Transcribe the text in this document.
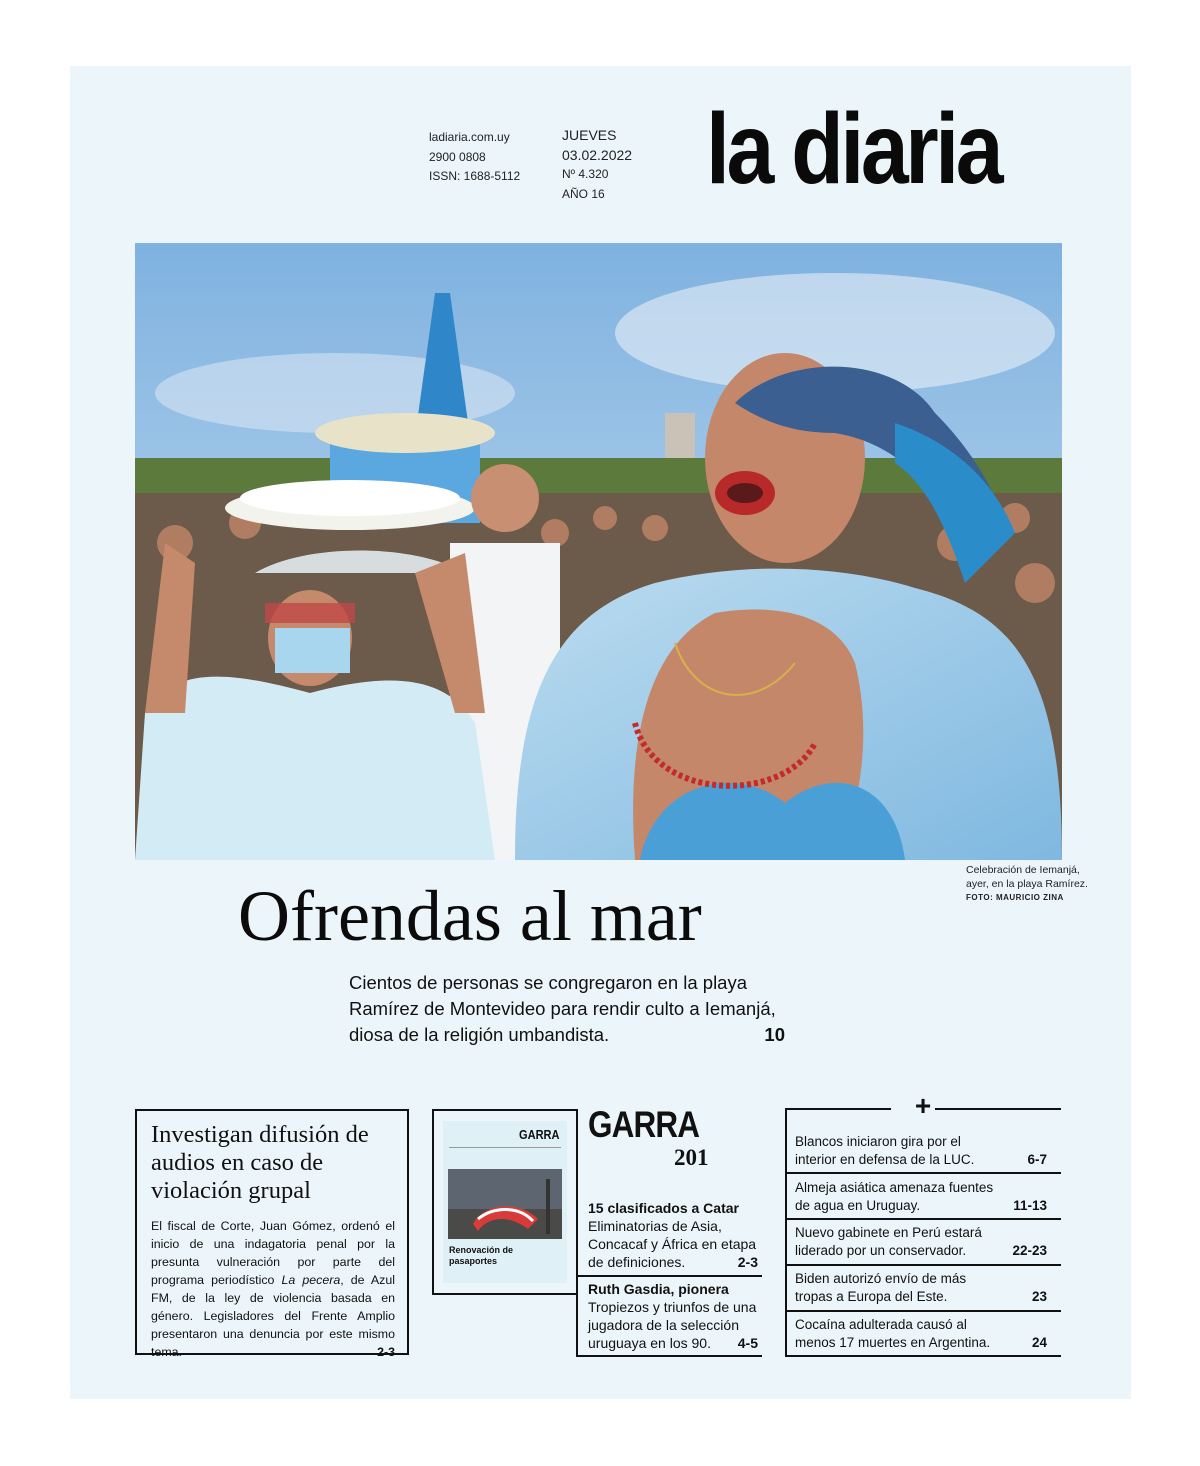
ladiaria.com.uy
2900 0808
ISSN: 1688-5112
JUEVES
03.02.2022
Nº 4.320
AÑO 16 la diaria
Celebración de Iemanjá, ayer, en la playa Ramírez.
FOTO: MAURICIO ZINA
Ofrendas al mar
Cientos de personas se congregaron en la playa Ramírez de Montevideo para rendir culto a Iemanjá, diosa de la religión umbandista.	10
Investigan difusión de audios en caso de violación grupal

El fiscal de Corte, Juan Gómez, ordenó el inicio de una indagatoria penal por la presunta vulneración por parte del programa periodístico La pecera, de Azul FM, de la ley de violencia basada en género. Legisladores del Frente Amplio presentaron una denuncia por este mismo tema.	2-3

GARRA
Renovación de pasaportes
GARRA
201
15 clasificados a Catar
Eliminatorias de Asia, Concacaf y África en etapa de definiciones.	2-3
Ruth Gasdia, pionera
Tropiezos y triunfos de una jugadora de la selección uruguaya en los 90.	4-5
+
Blancos iniciaron gira por el interior en defensa de la LUC.	6-7
Almeja asiática amenaza fuentes de agua en Uruguay.	11-13
Nuevo gabinete en Perú estará liderado por un conservador.	22-23
Biden autorizó envío de más tropas a Europa del Este.	23
Cocaína adulterada causó al menos 17 muertes en Argentina.	24
